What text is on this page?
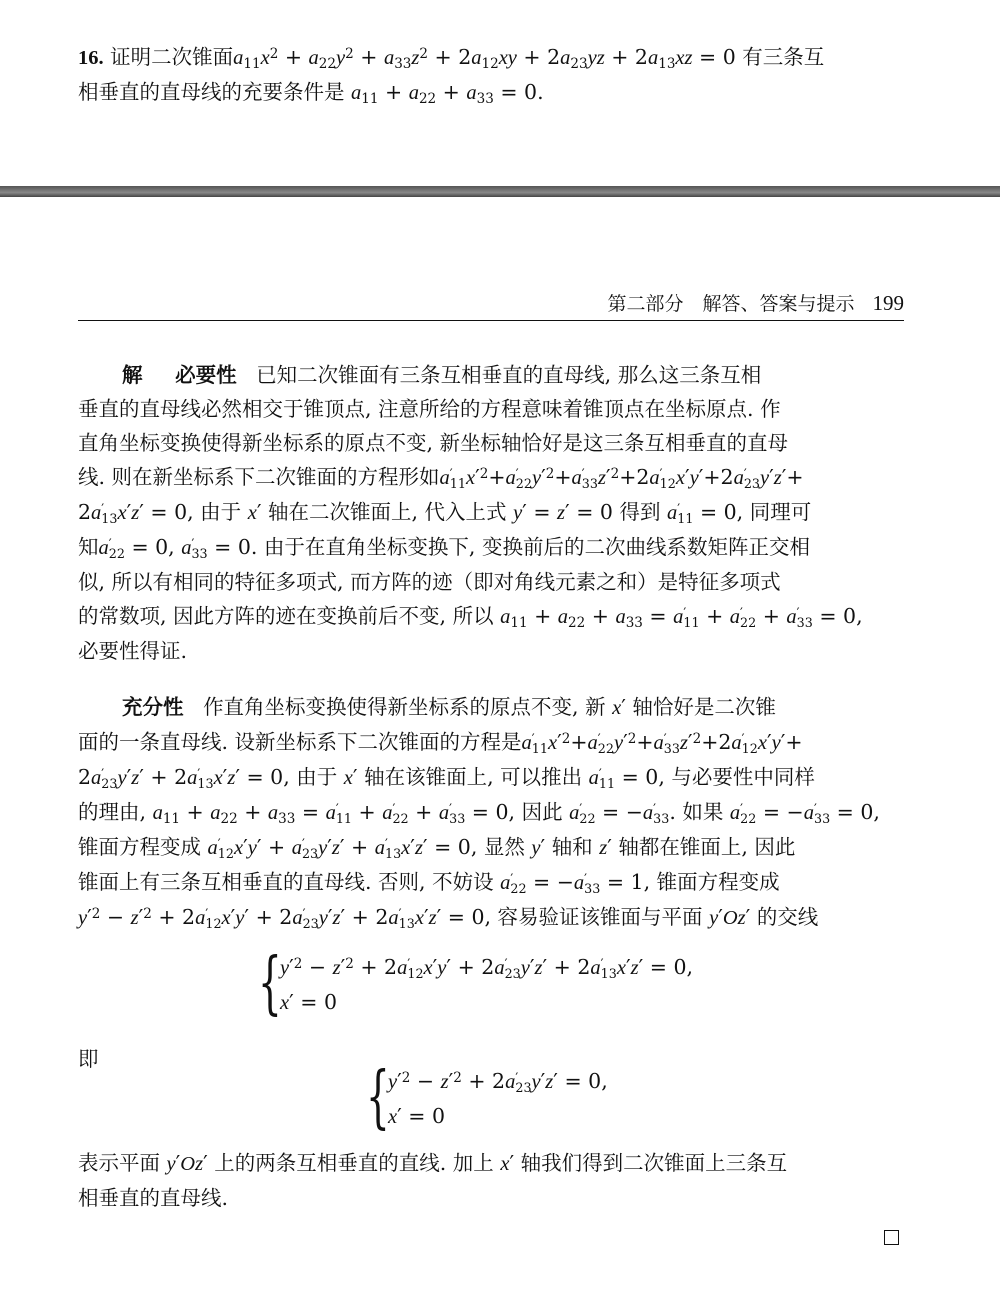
16. 证明二次锥面$a_{11}x^2 + a_{22}y^2 + a_{33}z^2 + 2a_{12}xy + 2a_{23}yz + 2a_{13}xz = 0$ 有三条互
相垂直的直母线的充要条件是 $a_{11} + a_{22} + a_{33} = 0$.
第二部分　解答、答案与提示 199
解 必要性 已知二次锥面有三条互相垂直的直母线, 那么这三条互相
垂直的直母线必然相交于锥顶点, 注意所给的方程意味着锥顶点在坐标原点. 作
直角坐标变换使得新坐标系的原点不变, 新坐标轴恰好是这三条互相垂直的直母
线. 则在新坐标系下二次锥面的方程形如a ′
11 $x'^2+a$ ′
22 $y'^2+a$ ′
33 $z'^2+2a$ ′
12 x′y′+2a ′
23 y′z′+
2a ′
13 x′z′ = 0, 由于 x′ 轴在二次锥面上, 代入上式 y′ = z′ = 0 得到 a ′
11 = 0, 同理可
知a ′
22 = 0, a ′
33 = 0. 由于在直角坐标变换下, 变换前后的二次曲线系数矩阵正交相
似, 所以有相同的特征多项式, 而方阵的迹（即对角线元素之和）是特征多项式
的常数项, 因此方阵的迹在变换前后不变, 所以 $a_{11} + a_{22} + a_{33} = a$ ′
11 + a ′
22 + a ′
33 = 0,
必要性得证.
充分性 作直角坐标变换使得新坐标系的原点不变, 新 x′ 轴恰好是二次锥
面的一条直母线. 设新坐标系下二次锥面的方程是a ′
11 $x'^2+a$ ′
22 $y'^2+a$ ′
33 $z'^2+2a$ ′
12 x′y′+
2a ′
23 y′z′ + 2a ′
13 x′z′ = 0, 由于 x′ 轴在该锥面上, 可以推出 a ′
11 = 0, 与必要性中同样
的理由, $a_{11} + a_{22} + a_{33} = a$ ′
11 + a ′
22 + a ′
33 = 0, 因此 a ′
22 = −a ′
33 . 如果 a ′
22 = −a ′
33 = 0,
锥面方程变成 a ′
12 x′y′ + a ′
23 y′z′ + a ′
13 x′z′ = 0, 显然 y′ 轴和 z′ 轴都在锥面上, 因此
锥面上有三条互相垂直的直母线. 否则, 不妨设 a ′
22 = −a ′
33 = 1, 锥面方程变成
$y'^2 - z'^2 + 2a$ ′
12 x′y′ + 2a ′
23 y′z′ + 2a ′
13 x′z′ = 0, 容易验证该锥面与平面 y′Oz′ 的交线
{
$y'^2 - z'^2 + 2a$ ′
12 x′y′ + 2a ′
23 y′z′ + 2a ′
13 x′z′ = 0,
x′ = 0
即	{
$y'^2 - z'^2 + 2a$ ′
23 y′z′ = 0,
x′ = 0
表示平面 y′Oz′ 上的两条互相垂直的直线. 加上 x′ 轴我们得到二次锥面上三条互
相垂直的直母线.
